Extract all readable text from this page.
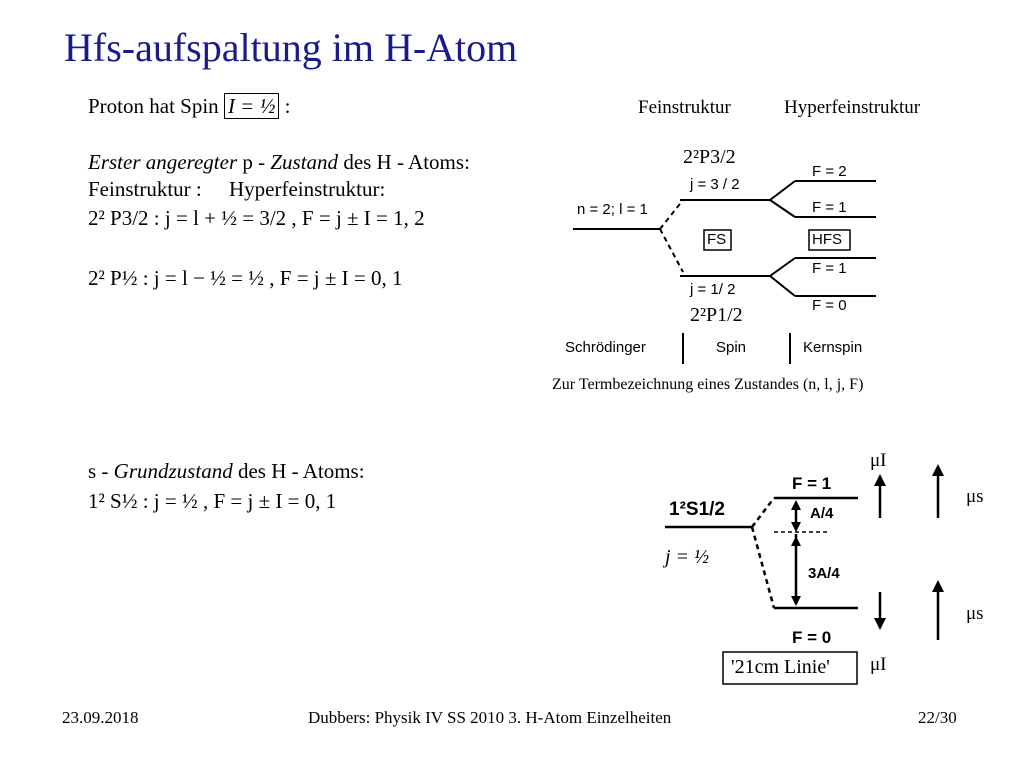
Hfs-aufspaltung im H-Atom
Proton hat Spin I = ½ :
Erster angeregter p - Zustand des H - Atoms:
Feinstruktur : Hyperfeinstruktur:
2² P3/2 : j = l + ½ = 3/2 , F = j ± I = 1, 2
2² P½ : j = l − ½ = ½ , F = j ± I = 0, 1
s - Grundzustand des H - Atoms:
1² S½ : j = ½ , F = j ± I = 0, 1
Feinstruktur	Hyperfeinstruktur
2²P3/2
j = 3 / 2
n = 2; l = 1
F = 2
F = 1
FS	HFS
F = 1
j = 1/ 2
F = 0
2²P1/2
Schrödinger	Spin	Kernspin
Zur Termbezeichnung eines Zustandes (n, l, j, F)
1²S1/2
F = 1
A/4
3A/4
F = 0
j = ½
μI
μs
μs
μI
'21cm Linie'
23.09.2018	Dubbers: Physik IV SS 2010 3. H-Atom Einzelheiten	22/30
